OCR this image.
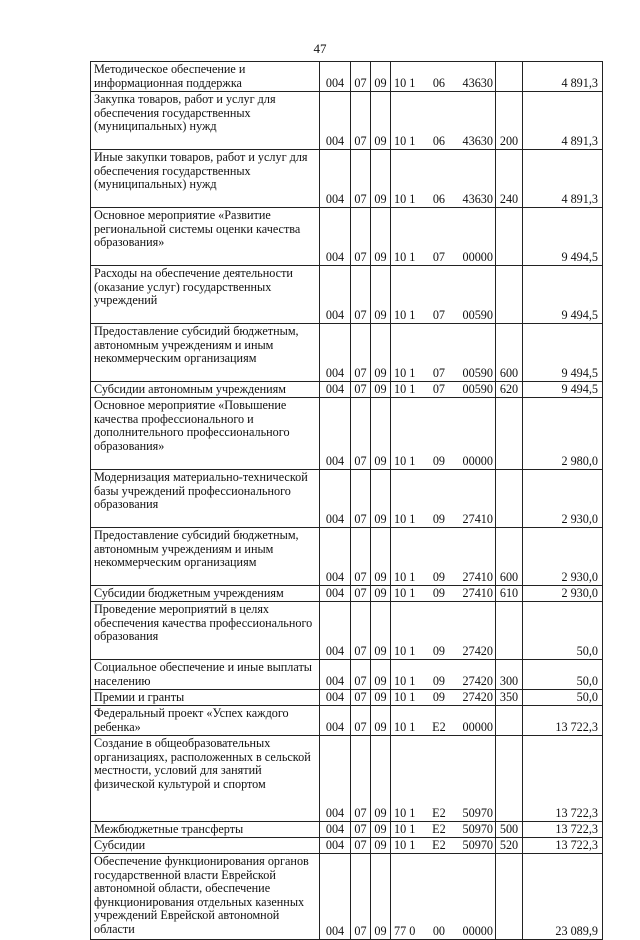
47
Методическое обеспечение и информационная поддержка	004	07	09	10 1 06 43630		4 891,3
Закупка товаров, работ и услуг для обеспечения государственных (муниципальных) нужд	004	07	09	10 1 06 43630	200	4 891,3
Иные закупки товаров, работ и услуг для обеспечения государственных (муниципальных) нужд	004	07	09	10 1 06 43630	240	4 891,3
Основное мероприятие «Развитие региональной системы оценки качества образования»	004	07	09	10 1 07 00000		9 494,5
Расходы на обеспечение деятельности (оказание услуг) государственных учреждений	004	07	09	10 1 07 00590		9 494,5
Предоставление субсидий бюджетным, автономным учреждениям и иным некоммерческим организациям	004	07	09	10 1 07 00590	600	9 494,5
Субсидии автономным учреждениям	004	07	09	10 1 07 00590	620	9 494,5
Основное мероприятие «Повышение качества профессионального и дополнительного профессионального образования»	004	07	09	10 1 09 00000		2 980,0
Модернизация материально-технической базы учреждений профессионального образования	004	07	09	10 1 09 27410		2 930,0
Предоставление субсидий бюджетным, автономным учреждениям и иным некоммерческим организациям	004	07	09	10 1 09 27410	600	2 930,0
Субсидии бюджетным учреждениям	004	07	09	10 1 09 27410	610	2 930,0
Проведение мероприятий в целях обеспечения качества профессионального образования	004	07	09	10 1 09 27420		50,0
Социальное обеспечение и иные выплаты населению	004	07	09	10 1 09 27420	300	50,0
Премии и гранты	004	07	09	10 1 09 27420	350	50,0
Федеральный проект «Успех каждого ребенка»	004	07	09	10 1 E2 00000		13 722,3
Создание в общеобразовательных организациях, расположенных в сельской местности, условий для занятий физической культурой и спортом	004	07	09	10 1 E2 50970		13 722,3
Межбюджетные трансферты	004	07	09	10 1 E2 50970	500	13 722,3
Субсидии	004	07	09	10 1 E2 50970	520	13 722,3
Обеспечение функционирования органов государственной власти Еврейской автономной области, обеспечение функционирования отдельных казенных учреждений Еврейской автономной области	004	07	09	77 0 00 00000		23 089,9
